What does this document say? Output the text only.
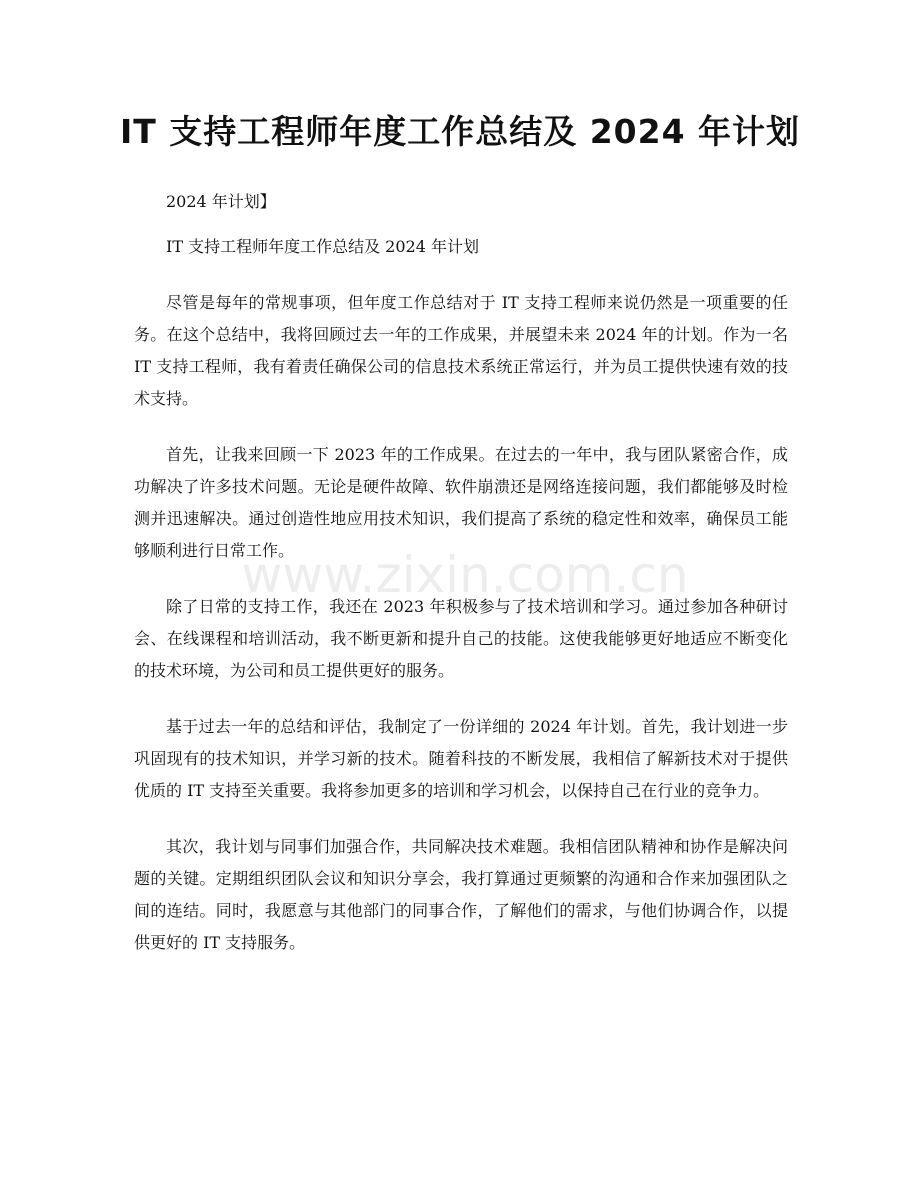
IT 支持工程师年度工作总结及 2024 年计划

2024 年计划】

IT 支持工程师年度工作总结及 2024 年计划

尽管是每年的常规事项，但年度工作总结对于 IT 支持工程师来说仍然是一项重要的任务。在这个总结中，我将回顾过去一年的工作成果，并展望未来 2024 年的计划。作为一名 IT 支持工程师，我有着责任确保公司的信息技术系统正常运行，并为员工提供快速有效的技术支持。

首先，让我来回顾一下 2023 年的工作成果。在过去的一年中，我与团队紧密合作，成功解决了许多技术问题。无论是硬件故障、软件崩溃还是网络连接问题，我们都能够及时检测并迅速解决。通过创造性地应用技术知识，我们提高了系统的稳定性和效率，确保员工能够顺利进行日常工作。

除了日常的支持工作，我还在 2023 年积极参与了技术培训和学习。通过参加各种研讨会、在线课程和培训活动，我不断更新和提升自己的技能。这使我能够更好地适应不断变化的技术环境，为公司和员工提供更好的服务。

基于过去一年的总结和评估，我制定了一份详细的 2024 年计划。首先，我计划进一步巩固现有的技术知识，并学习新的技术。随着科技的不断发展，我相信了解新技术对于提供优质的 IT 支持至关重要。我将参加更多的培训和学习机会，以保持自己在行业的竞争力。

其次，我计划与同事们加强合作，共同解决技术难题。我相信团队精神和协作是解决问题的关键。定期组织团队会议和知识分享会，我打算通过更频繁的沟通和合作来加强团队之间的连结。同时，我愿意与其他部门的同事合作，了解他们的需求，与他们协调合作，以提供更好的 IT 支持服务。

www.zixin.com.cn
